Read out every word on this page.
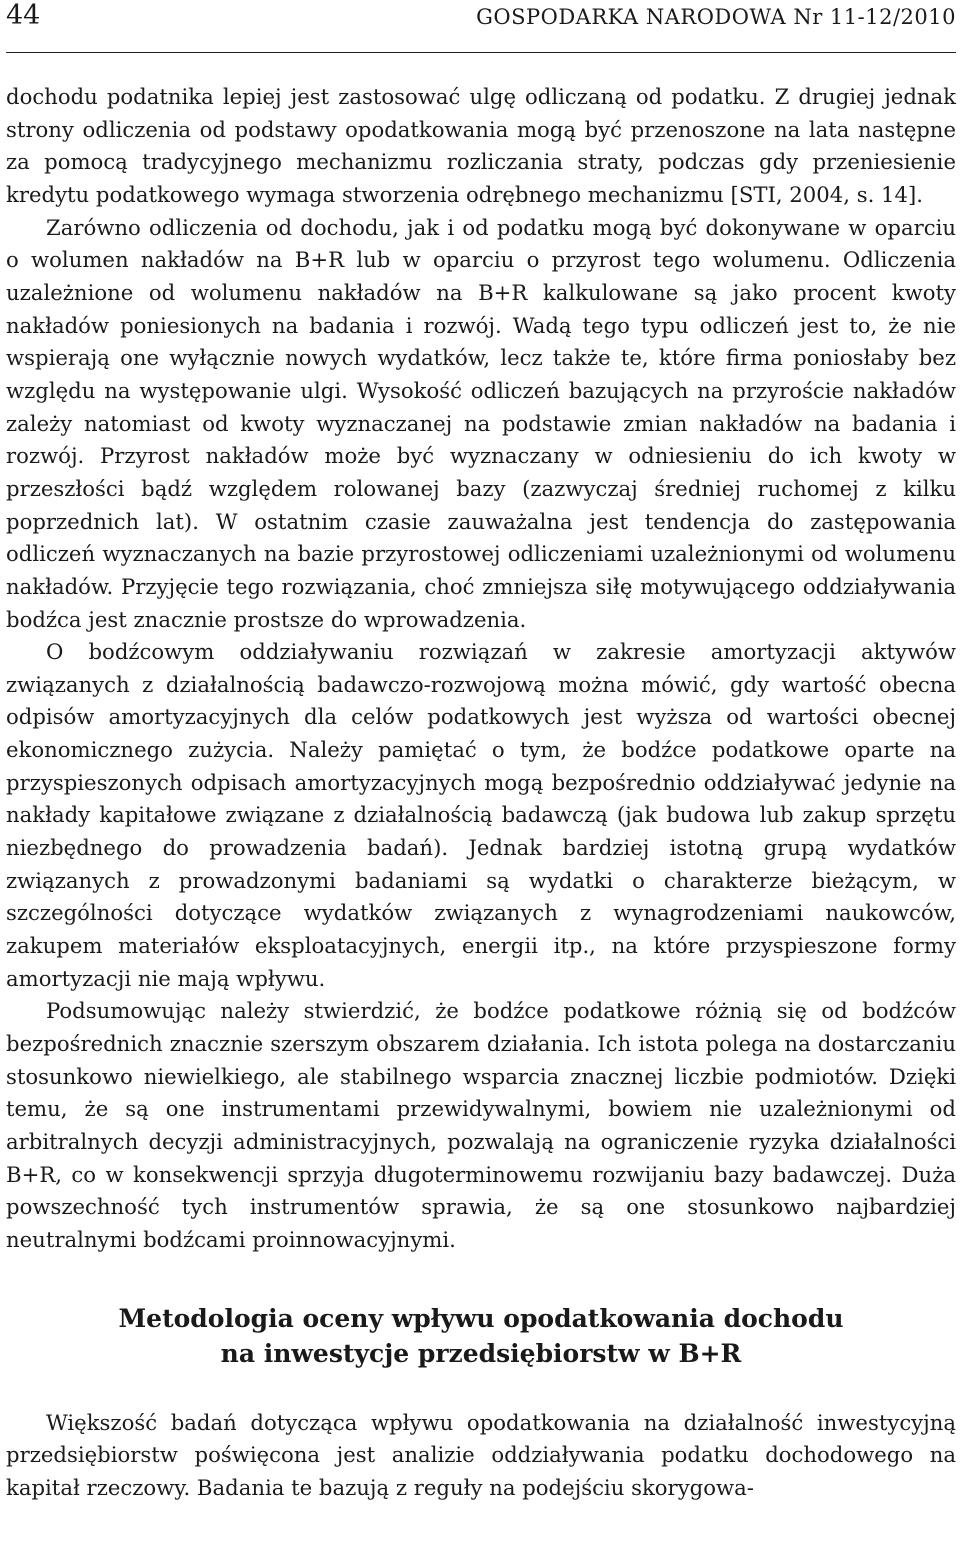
44	GOSPODARKA NARODOWA Nr 11-12/2010

dochodu podatnika lepiej jest zastosować ulgę odliczaną od podatku. Z drugiej jednak strony odliczenia od podstawy opodatkowania mogą być przenoszone na lata następne za pomocą tradycyjnego mechanizmu rozliczania straty, podczas gdy przeniesienie kredytu podatkowego wymaga stworzenia odrębnego mechanizmu [STI, 2004, s. 14].

Zarówno odliczenia od dochodu, jak i od podatku mogą być dokonywane w oparciu o wolumen nakładów na B+R lub w oparciu o przyrost tego wolumenu. Odliczenia uzależnione od wolumenu nakładów na B+R kalkulowane są jako procent kwoty nakładów poniesionych na badania i rozwój. Wadą tego typu odliczeń jest to, że nie wspierają one wyłącznie nowych wydatków, lecz także te, które firma poniosłaby bez względu na występowanie ulgi. Wysokość odliczeń bazujących na przyroście nakładów zależy natomiast od kwoty wyznaczanej na podstawie zmian nakładów na badania i rozwój. Przyrost nakładów może być wyznaczany w odniesieniu do ich kwoty w przeszłości bądź względem rolowanej bazy (zazwyczaj średniej ruchomej z kilku poprzednich lat). W ostatnim czasie zauważalna jest tendencja do zastępowania odliczeń wyznaczanych na bazie przyrostowej odliczeniami uzależnionymi od wolumenu nakładów. Przyjęcie tego rozwiązania, choć zmniejsza siłę motywującego oddziaływania bodźca jest znacznie prostsze do wprowadzenia.

O bodźcowym oddziaływaniu rozwiązań w zakresie amortyzacji aktywów związanych z działalnością badawczo-rozwojową można mówić, gdy wartość obecna odpisów amortyzacyjnych dla celów podatkowych jest wyższa od wartości obecnej ekonomicznego zużycia. Należy pamiętać o tym, że bodźce podatkowe oparte na przyspieszonych odpisach amortyzacyjnych mogą bezpośrednio oddziaływać jedynie na nakłady kapitałowe związane z działalnością badawczą (jak budowa lub zakup sprzętu niezbędnego do prowadzenia badań). Jednak bardziej istotną grupą wydatków związanych z prowadzonymi badaniami są wydatki o charakterze bieżącym, w szczególności dotyczące wydatków związanych z wynagrodzeniami naukowców, zakupem materiałów eksploatacyjnych, energii itp., na które przyspieszone formy amortyzacji nie mają wpływu.

Podsumowując należy stwierdzić, że bodźce podatkowe różnią się od bodźców bezpośrednich znacznie szerszym obszarem działania. Ich istota polega na dostarczaniu stosunkowo niewielkiego, ale stabilnego wsparcia znacznej liczbie podmiotów. Dzięki temu, że są one instrumentami przewidywalnymi, bowiem nie uzależnionymi od arbitralnych decyzji administracyjnych, pozwalają na ograniczenie ryzyka działalności B+R, co w konsekwencji sprzyja długoterminowemu rozwijaniu bazy badawczej. Duża powszechność tych instrumentów sprawia, że są one stosunkowo najbardziej neutralnymi bodźcami proinnowacyjnymi.

Metodologia oceny wpływu opodatkowania dochodu
na inwestycje przedsiębiorstw w B+R

Większość badań dotycząca wpływu opodatkowania na działalność inwestycyjną przedsiębiorstw poświęcona jest analizie oddziaływania podatku dochodowego na kapitał rzeczowy. Badania te bazują z reguły na podejściu skorygowa-
